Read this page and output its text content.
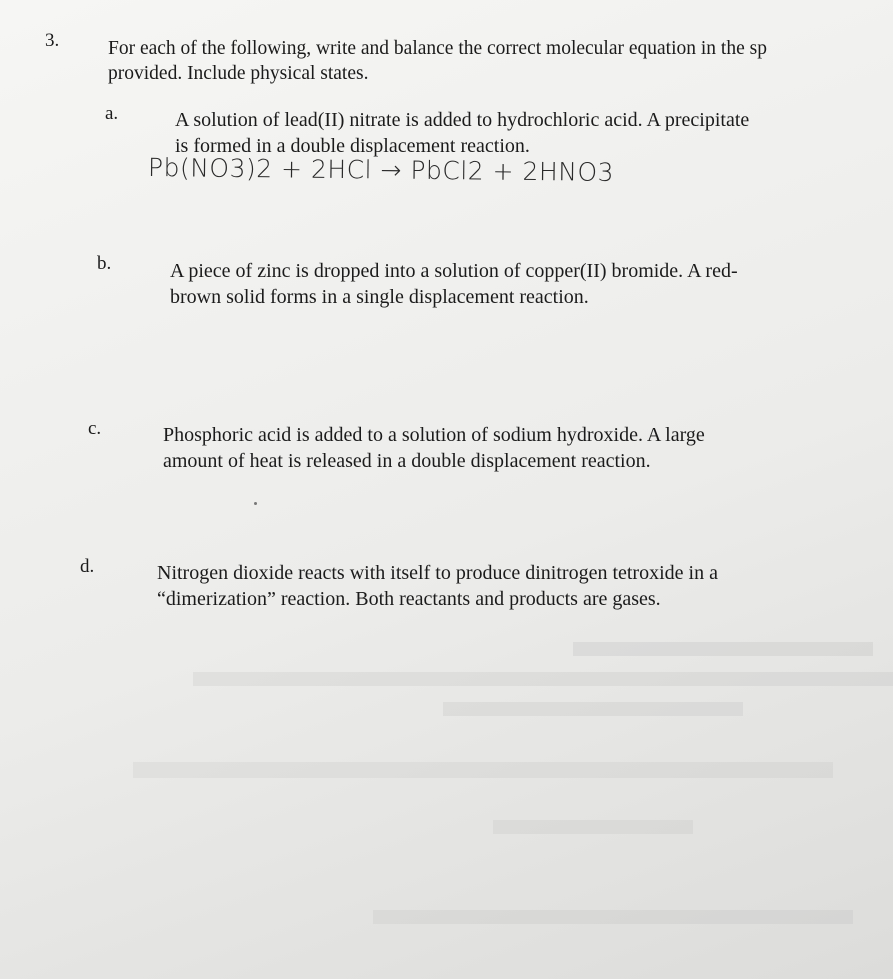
3.	For each of the following, write and balance the correct molecular equation in the sp
provided. Include physical states.
a.	A solution of lead(II) nitrate is added to hydrochloric acid. A precipitate
is formed in a double displacement reaction.
Pb(NO3)2 + 2HCl → PbCl2 + 2HNO3
b.	A piece of zinc is dropped into a solution of copper(II) bromide. A red-
brown solid forms in a single displacement reaction.
c.	Phosphoric acid is added to a solution of sodium hydroxide. A large
amount of heat is released in a double displacement reaction.
d.	Nitrogen dioxide reacts with itself to produce dinitrogen tetroxide in a
“dimerization” reaction. Both reactants and products are gases.
